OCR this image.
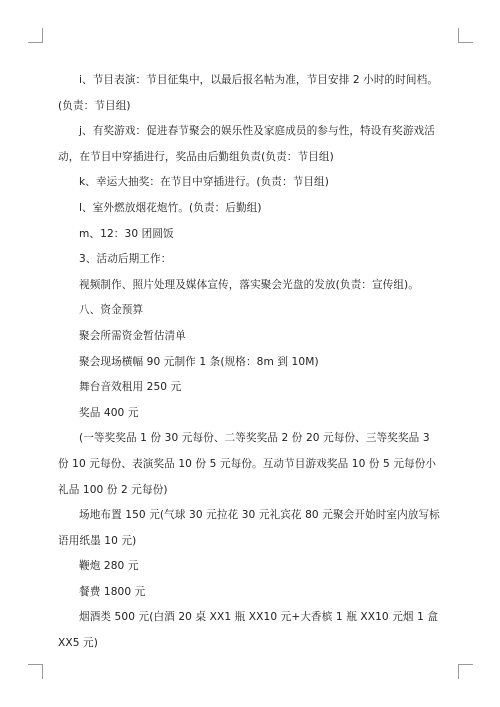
i、节目表演：节目征集中，以最后报名帖为准，节目安排 2 小时的时间档。(负责：节目组)

j、有奖游戏：促进春节聚会的娱乐性及家庭成员的参与性，特设有奖游戏活动，在节目中穿插进行，奖品由后勤组负责(负责：节目组)

k、幸运大抽奖：在节目中穿插进行。(负责：节目组)

l、室外燃放烟花炮竹。(负责：后勤组)

m、12：30 团圆饭

3、活动后期工作：

视频制作、照片处理及媒体宣传，落实聚会光盘的发放(负责：宣传组)。

八、资金预算

聚会所需资金暂估清单

聚会现场横幅 90 元制作 1 条(规格：8m 到 10M)

舞台音效租用 250 元

奖品 400 元

(一等奖奖品 1 份 30 元每份、二等奖奖品 2 份 20 元每份、三等奖奖品 3 份 10 元每份、表演奖品 10 份 5 元每份。互动节目游戏奖品 10 份 5 元每份小礼品 100 份 2 元每份)

场地布置 150 元(气球 30 元拉花 30 元礼宾花 80 元聚会开始时室内放写标语用纸墨 10 元)

鞭炮 280 元

餐费 1800 元

烟酒类 500 元(白酒 20 桌 XX1 瓶 XX10 元+大香槟 1 瓶 XX10 元烟 1 盒 XX5 元)
